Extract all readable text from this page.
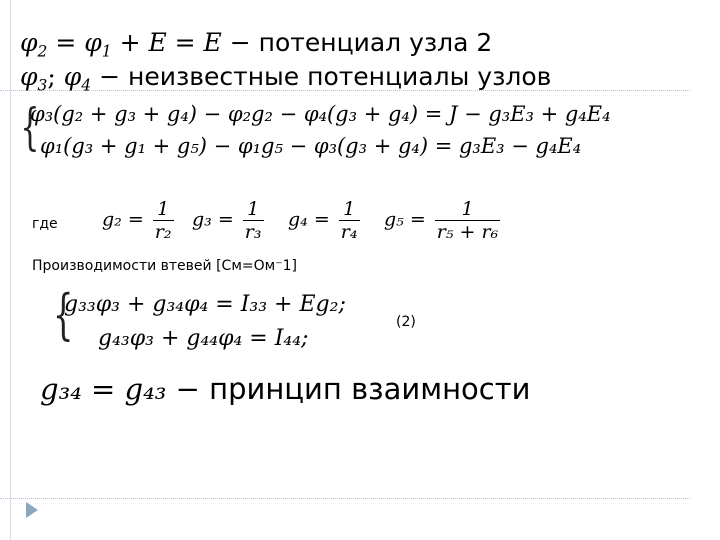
$\varphi_2 = \varphi_1 + E = E$ − потенциал узла 2
$\varphi_3$; $\varphi_4$ − неизвестные потенциалы узлов
{
φ₃(g₂ + g₃ + g₄) − φ₂g₂ − φ₄(g₃ + g₄) = J − g₃E₃ + g₄E₄
φ₁(g₃ + g₁ + g₅) − φ₁g₅ − φ₃(g₃ + g₄) = g₃E₃ − g₄E₄
где $g_2 = \frac{1}{\text{r₂}} g_3 = \frac{1}{\text{r₃}} g_4 = \frac{1}{\text{r₄}} g_5 = \frac{1}{\text{r₅ + r₆}}$
Производимости втевей [См=Ом⁻1]
{
g₃₃φ₃ + g₃₄φ₄ = I₃₃ + Eg₂;
g₄₃φ₃ + g₄₄φ₄ = I₄₄;
(2)
g₃₄ = g₄₃ − принцип взаимности
